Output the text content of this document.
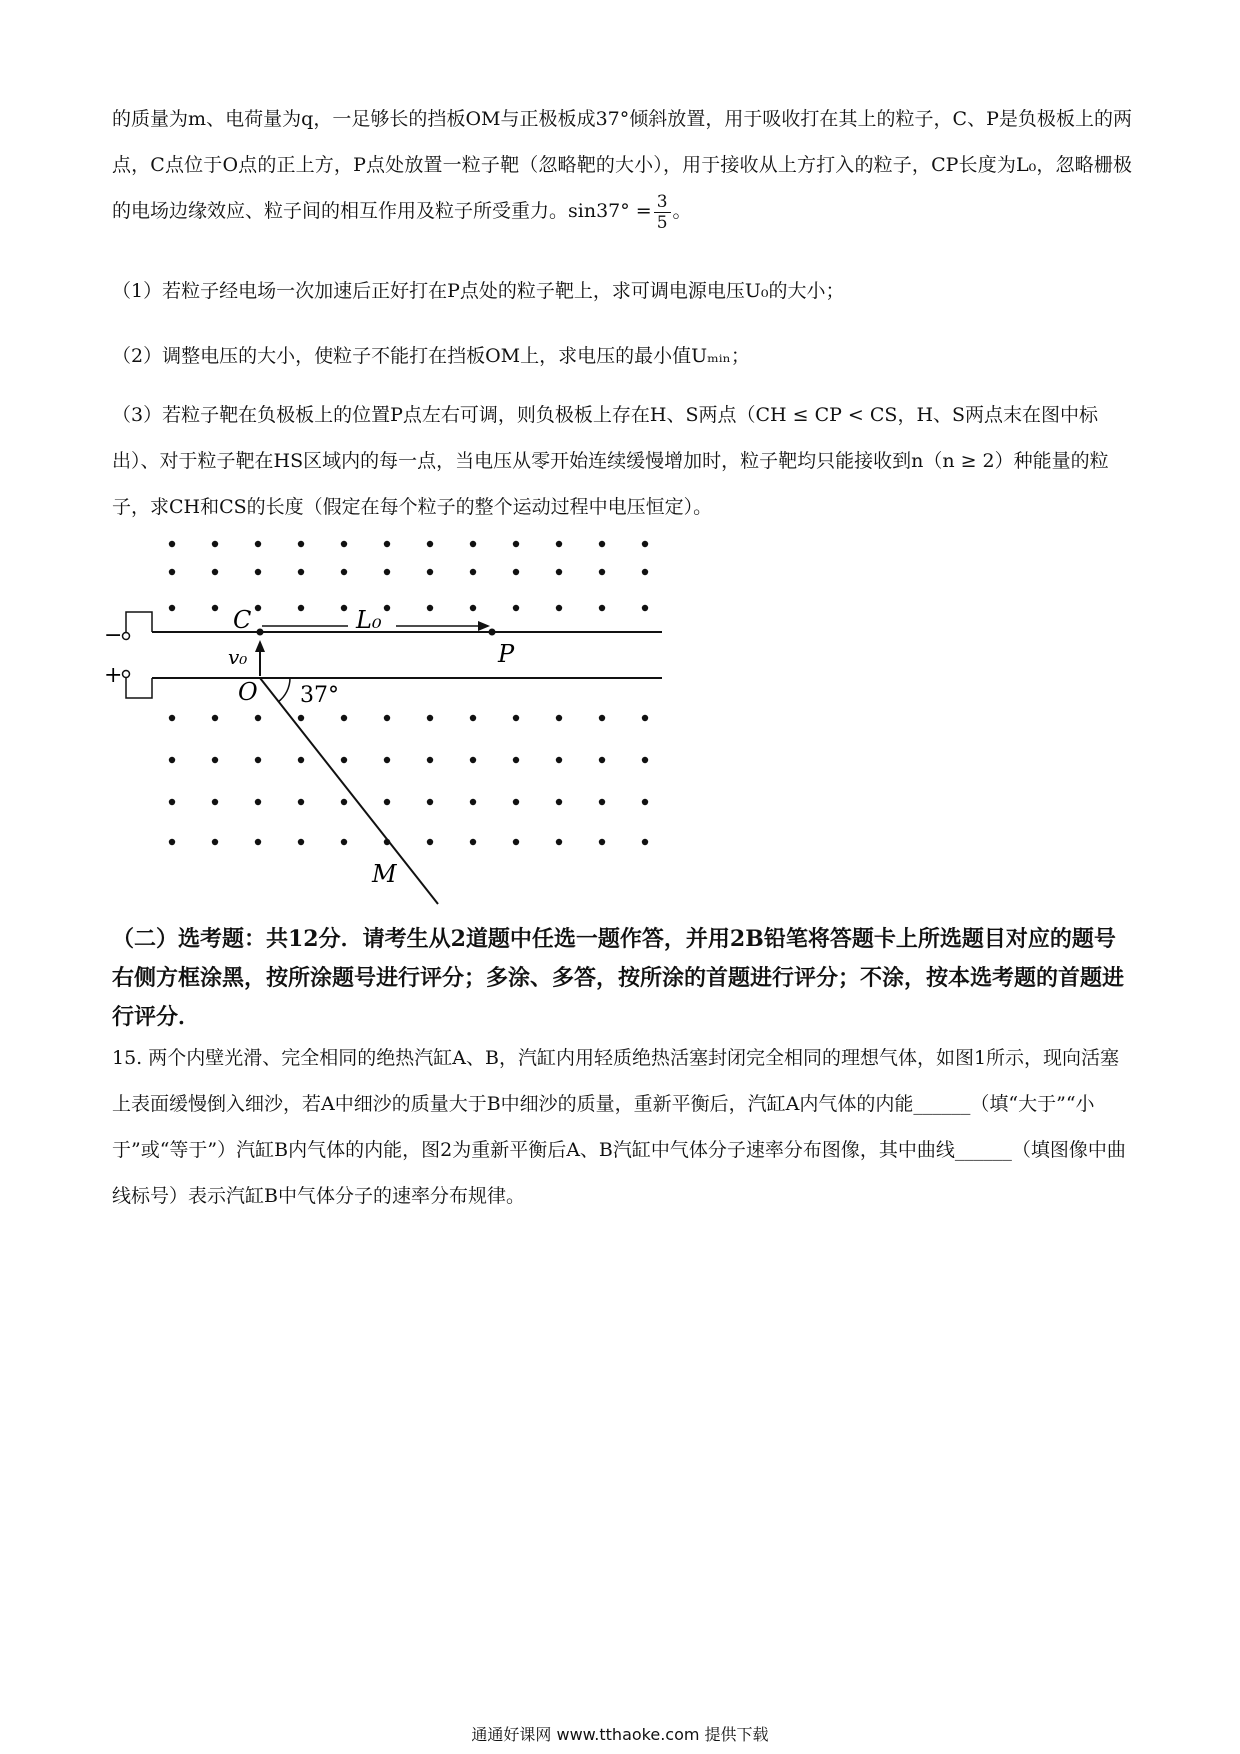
的质量为m、电荷量为q，一足够长的挡板OM与正极板成37°倾斜放置，用于吸收打在其上的粒子，C、P是负极板上的两点，C点位于O点的正上方，P点处放置一粒子靶（忽略靶的大小），用于接收从上方打入的粒子，CP长度为L₀，忽略栅极的电场边缘效应、粒子间的相互作用及粒子所受重力。$\sin 37^\circ = \frac{3}{5}$ 。

（1）若粒子经电场一次加速后正好打在P点处的粒子靶上，求可调电源电压U₀的大小；

（2）调整电压的大小，使粒子不能打在挡板OM上，求电压的最小值Uₘᵢₙ；

（3）若粒子靶在负极板上的位置P点左右可调，则负极板上存在H、S两点（CH ≤ CP < CS，H、S两点末在图中标出）、对于粒子靶在HS区域内的每一点，当电压从零开始连续缓慢增加时，粒子靶均只能接收到n（n ≥ 2）种能量的粒子，求CH和CS的长度（假定在每个粒子的整个运动过程中电压恒定）。

−
+
C
P
L₀
v₀
O 37°
M

（二）选考题：共12分．请考生从2道题中任选一题作答，并用2B铅笔将答题卡上所选题目对应的题号右侧方框涂黑，按所涂题号进行评分；多涂、多答，按所涂的首题进行评分；不涂，按本选考题的首题进行评分．

15. 两个内壁光滑、完全相同的绝热汽缸A、B，汽缸内用轻质绝热活塞封闭完全相同的理想气体，如图1所示，现向活塞上表面缓慢倒入细沙，若A中细沙的质量大于B中细沙的质量，重新平衡后，汽缸A内气体的内能______（填“大于”“小于”或“等于”）汽缸B内气体的内能，图2为重新平衡后A、B汽缸中气体分子速率分布图像，其中曲线______（填图像中曲线标号）表示汽缸B中气体分子的速率分布规律。

通通好课网 www.tthaoke.com 提供下载
